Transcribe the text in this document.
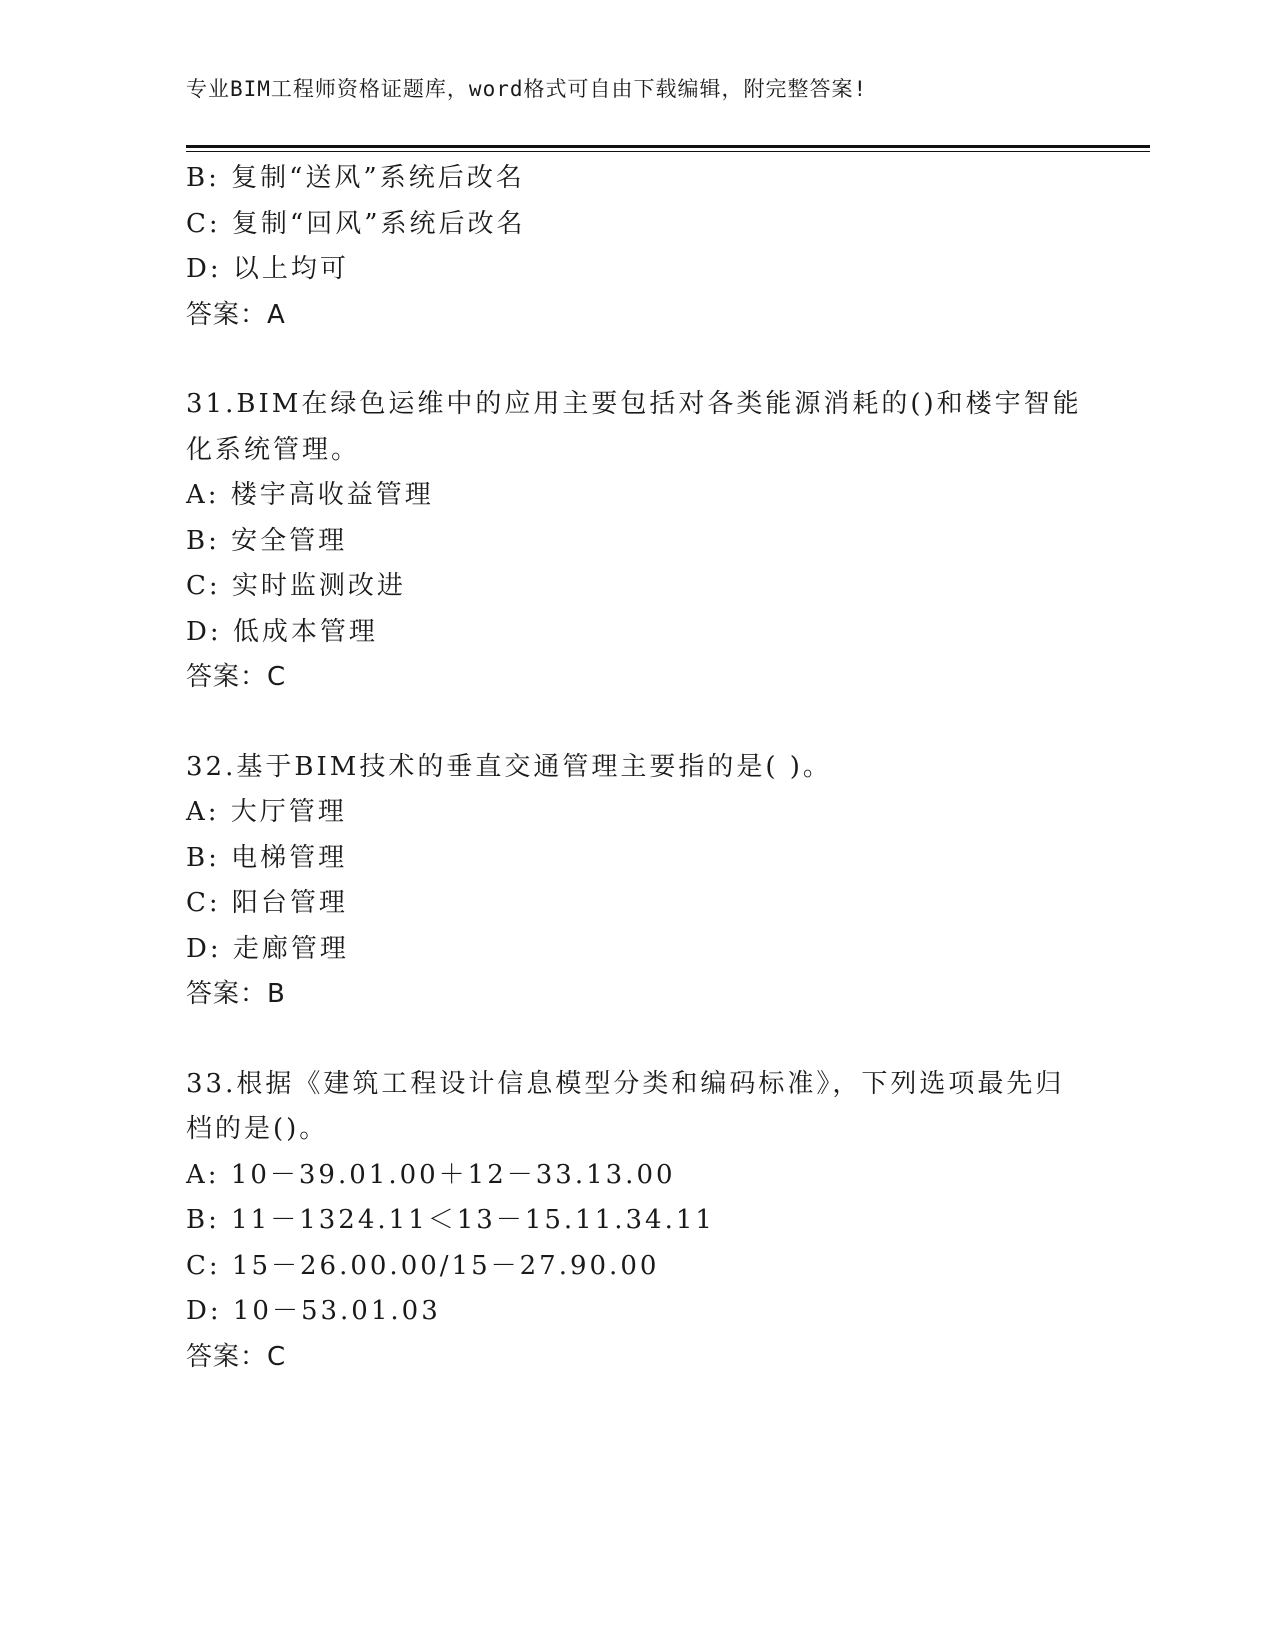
专业BIM工程师资格证题库，word格式可自由下载编辑，附完整答案!
B: 复制“送风”系统后改名
C: 复制“回风”系统后改名
D: 以上均可
答案：A
31.BIM在绿色运维中的应用主要包括对各类能源消耗的()和楼宇智能
化系统管理。
A: 楼宇高收益管理
B: 安全管理
C: 实时监测改进
D: 低成本管理
答案：C
32.基于BIM技术的垂直交通管理主要指的是( )。
A: 大厅管理
B: 电梯管理
C: 阳台管理
D: 走廊管理
答案：B
33.根据《建筑工程设计信息模型分类和编码标准》，下列选项最先归
档的是()。
A: 10－39.01.00＋12－33.13.00
B: 11－1324.11＜13－15.11.34.11
C: 15－26.00.00/15－27.90.00
D: 10－53.01.03
答案：C
